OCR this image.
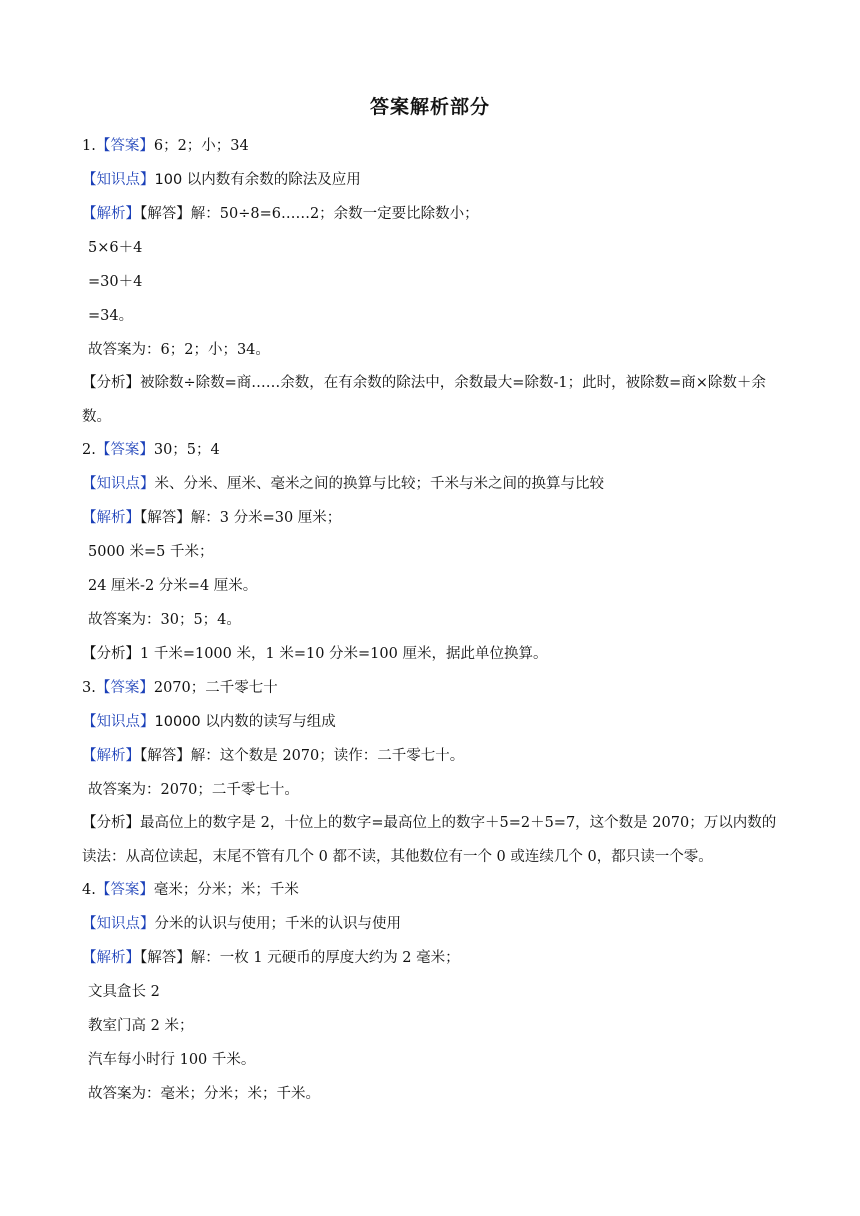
答案解析部分
1.【答案】6；2；小；34
【知识点】100 以内数有余数的除法及应用
【解析】【解答】解：50÷8=6……2；余数一定要比除数小；
5×6＋4
=30＋4
=34。
故答案为：6；2；小；34。
【分析】被除数÷除数=商……余数，在有余数的除法中，余数最大=除数-1；此时，被除数=商×除数＋余数。
2.【答案】30；5；4
【知识点】米、分米、厘米、毫米之间的换算与比较；千米与米之间的换算与比较
【解析】【解答】解：3 分米=30 厘米；
5000 米=5 千米；
24 厘米-2 分米=4 厘米。
故答案为：30；5；4。
【分析】1 千米=1000 米，1 米=10 分米=100 厘米，据此单位换算。
3.【答案】2070；二千零七十
【知识点】10000 以内数的读写与组成
【解析】【解答】解：这个数是 2070；读作：二千零七十。
故答案为：2070；二千零七十。
【分析】最高位上的数字是 2，十位上的数字=最高位上的数字＋5=2＋5=7，这个数是 2070；万以内数的读法：从高位读起，末尾不管有几个 0 都不读，其他数位有一个 0 或连续几个 0，都只读一个零。
4.【答案】毫米；分米；米；千米
【知识点】分米的认识与使用；千米的认识与使用
【解析】【解答】解：一枚 1 元硬币的厚度大约为 2 毫米；
文具盒长 2
教室门高 2 米；
汽车每小时行 100 千米。
故答案为：毫米；分米；米；千米。
